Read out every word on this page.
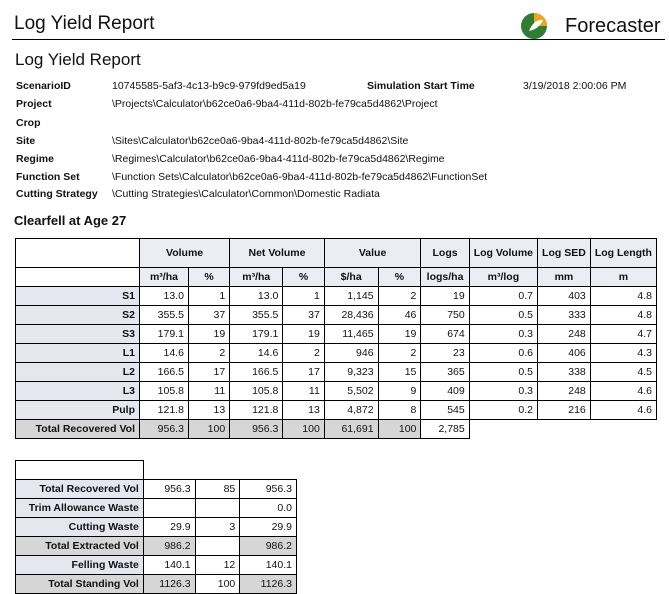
Log Yield Report	Forecaster
Log Yield Report
ScenarioID	10745585-5af3-4c13-b9c9-979fd9ed5a19	Simulation Start Time	3/19/2018 2:00:06 PM
Project	\Projects\Calculator\b62ce0a6-9ba4-411d-802b-fe79ca5d4862\Project
Crop
Site	\Sites\Calculator\b62ce0a6-9ba4-411d-802b-fe79ca5d4862\Site
Regime	\Regimes\Calculator\b62ce0a6-9ba4-411d-802b-fe79ca5d4862\Regime
Function Set	\Function Sets\Calculator\b62ce0a6-9ba4-411d-802b-fe79ca5d4862\FunctionSet
Cutting Strategy \Cutting Strategies\Calculator\Common\Domestic Radiata
Clearfell at Age 27
	Volume		Net Volume		Value		Logs	Log Volume	Log SED	Log Length
	m³/ha	%	m³/ha	%	$/ha	%	logs/ha	m³/log	mm	m
S1	13.0	1	13.0	1	1,145	2	19	0.7	403	4.8
S2	355.5	37	355.5	37	28,436	46	750	0.5	333	4.8
S3	179.1	19	179.1	19	11,465	19	674	0.3	248	4.7
L1	14.6	2	14.6	2	946	2	23	0.6	406	4.3
L2	166.5	17	166.5	17	9,323	15	365	0.5	338	4.5
L3	105.8	11	105.8	11	5,502	9	409	0.3	248	4.6
Pulp	121.8	13	121.8	13	4,872	8	545	0.2	216	4.6
Total Recovered Vol	956.3	100	956.3	100	61,691	100	2,785			

Total Recovered Vol	956.3	85	956.3
Trim Allowance Waste			0.0
Cutting Waste	29.9	3	29.9
Total Extracted Vol	986.2		986.2
Felling Waste	140.1	12	140.1
Total Standing Vol	1126.3	100	1126.3
